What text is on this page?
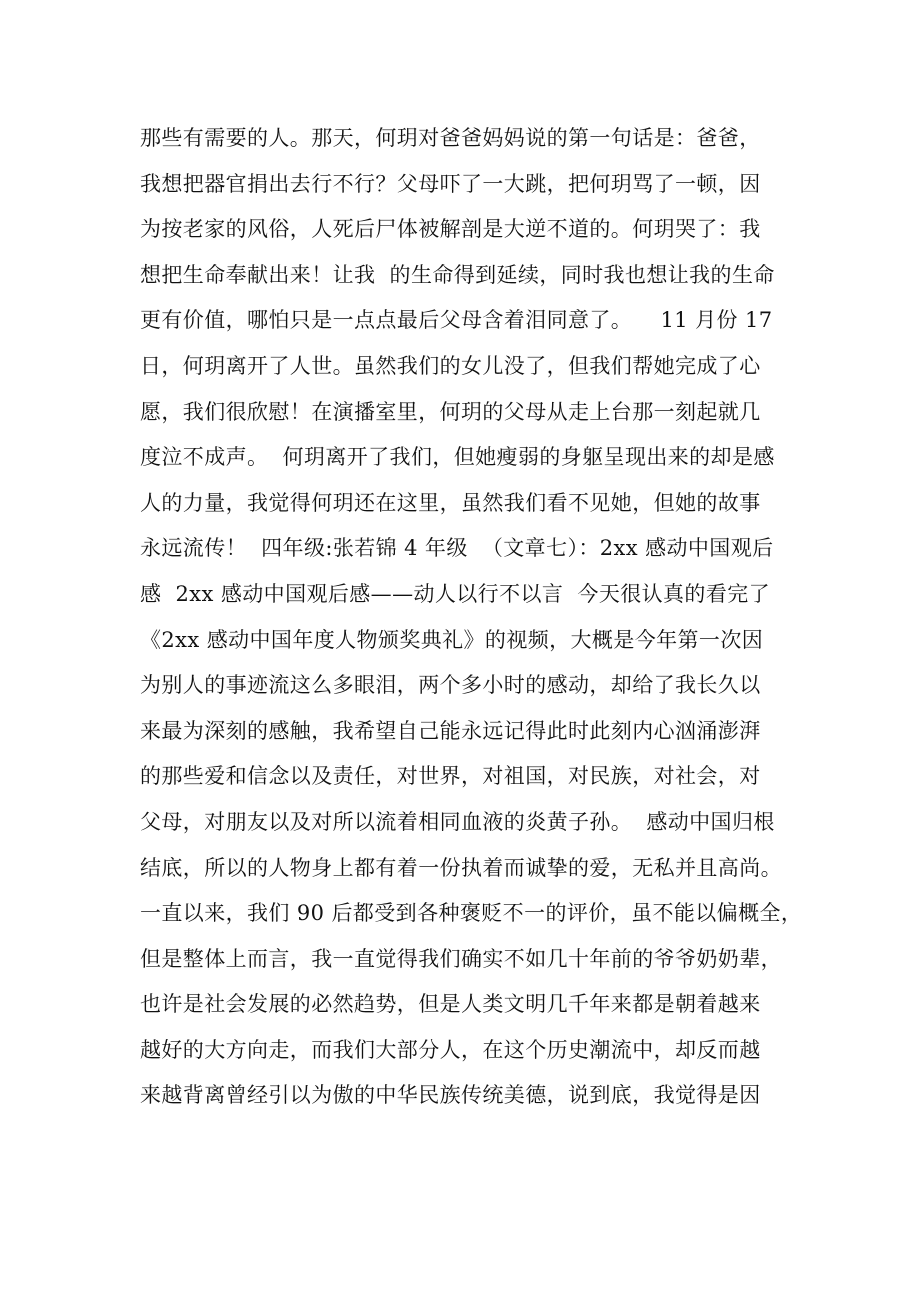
那些有需要的人。那天，何玥对爸爸妈妈说的第一句话是：爸爸，
我想把器官捐出去行不行？父母吓了一大跳，把何玥骂了一顿，因
为按老家的风俗，人死后尸体被解剖是大逆不道的。何玥哭了：我
想把生命奉献出来！让我  的生命得到延续，同时我也想让我的生命
更有价值，哪怕只是一点点最后父母含着泪同意了。    11 月份 17
日，何玥离开了人世。虽然我们的女儿没了，但我们帮她完成了心
愿，我们很欣慰！在演播室里，何玥的父母从走上台那一刻起就几
度泣不成声。  何玥离开了我们，但她瘦弱的身躯呈现出来的却是感
人的力量，我觉得何玥还在这里，虽然我们看不见她，但她的故事
永远流传！  四年级:张若锦 4 年级  （文章七）：2xx 感动中国观后
感  2xx 感动中国观后感——动人以行不以言  今天很认真的看完了
《2xx 感动中国年度人物颁奖典礼》的视频，大概是今年第一次因
为别人的事迹流这么多眼泪，两个多小时的感动，却给了我长久以
来最为深刻的感触，我希望自己能永远记得此时此刻内心汹涌澎湃
的那些爱和信念以及责任，对世界，对祖国，对民族，对社会，对
父母，对朋友以及对所以流着相同血液的炎黄子孙。  感动中国归根
结底，所以的人物身上都有着一份执着而诚挚的爱，无私并且高尚。
一直以来，我们 90 后都受到各种褒贬不一的评价，虽不能以偏概全，
但是整体上而言，我一直觉得我们确实不如几十年前的爷爷奶奶辈，
也许是社会发展的必然趋势，但是人类文明几千年来都是朝着越来
越好的大方向走，而我们大部分人，在这个历史潮流中，却反而越
来越背离曾经引以为傲的中华民族传统美德，说到底，我觉得是因
